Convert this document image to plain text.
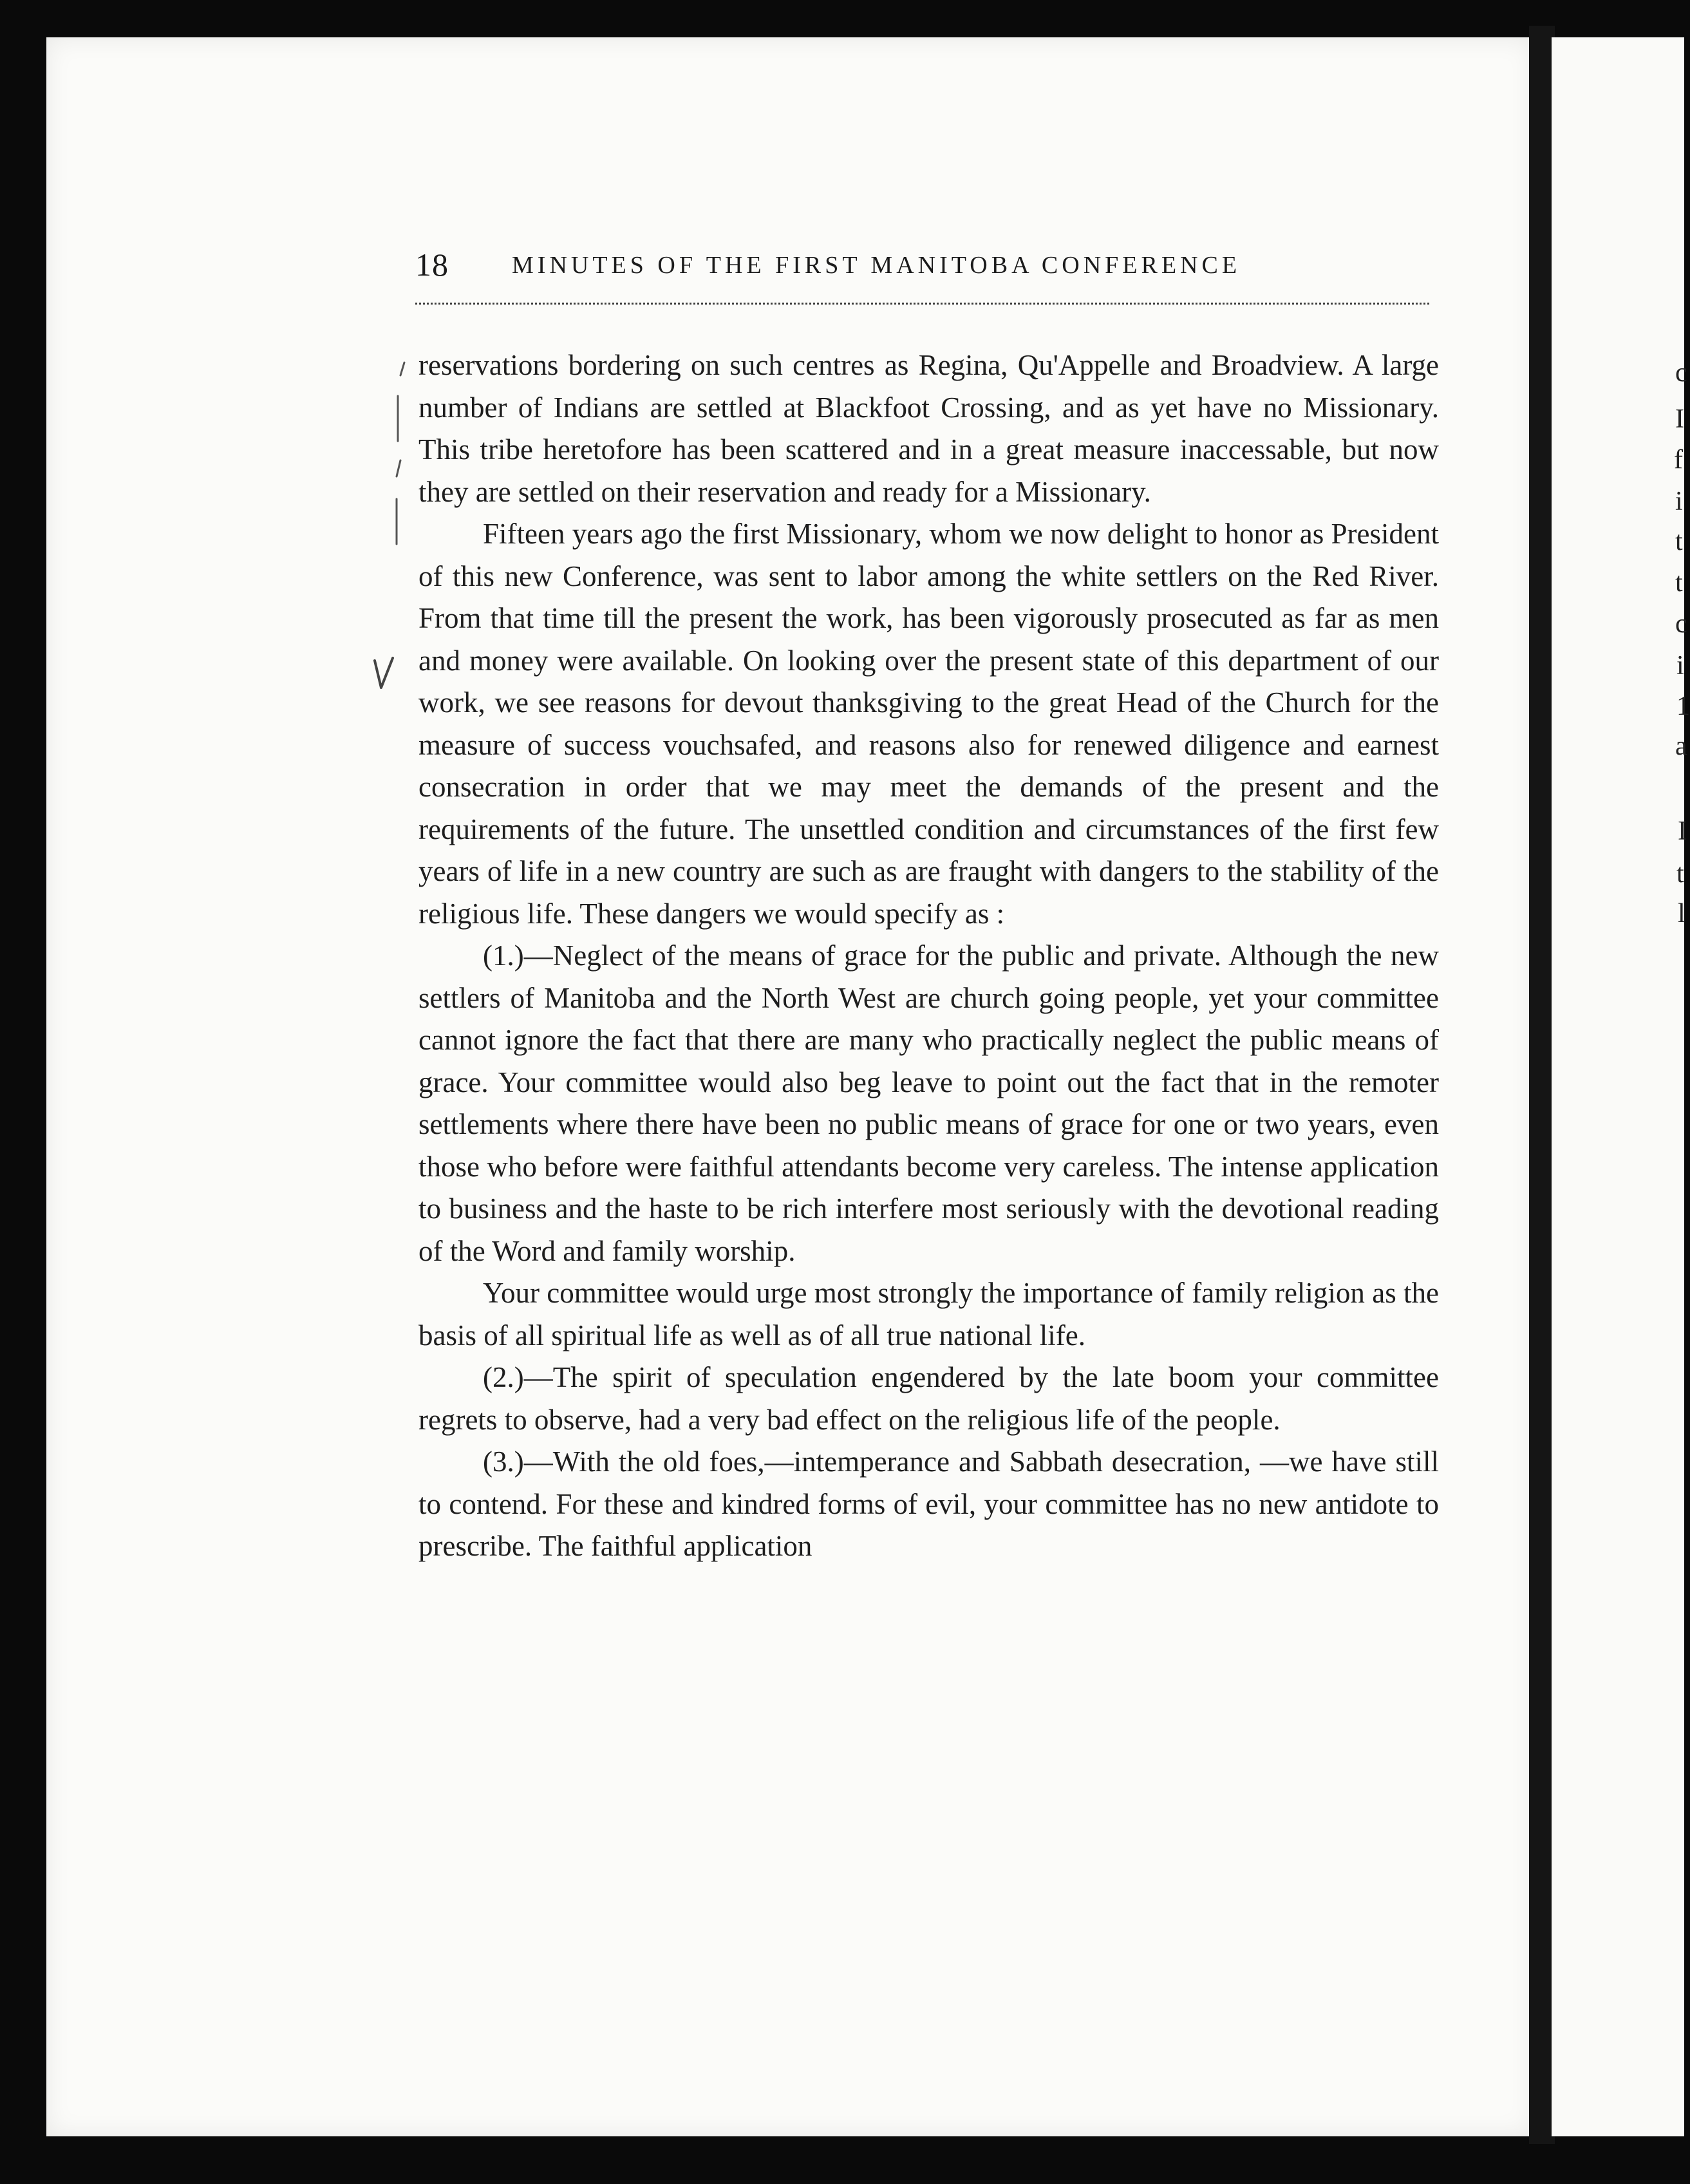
c
I
f
i
t
t
c
i
1
a
I
t
l
18	MINUTES OF THE FIRST MANITOBA CONFERENCE

reservations bordering on such centres as Regina, Qu'Appelle and Broadview. A large number of Indians are settled at Blackfoot Crossing, and as yet have no Missionary. This tribe heretofore has been scattered and in a great measure inaccessable, but now they are settled on their reservation and ready for a Missionary.

Fifteen years ago the first Missionary, whom we now delight to honor as President of this new Conference, was sent to labor among the white settlers on the Red River. From that time till the present the work, has been vigorously prosecuted as far as men and money were available. On looking over the present state of this department of our work, we see reasons for devout thanksgiving to the great Head of the Church for the measure of success vouchsafed, and reasons also for renewed diligence and earnest consecration in order that we may meet the demands of the present and the requirements of the future. The unsettled condition and circumstances of the first few years of life in a new country are such as are fraught with dangers to the stability of the religious life. These dangers we would specify as :

(1.)—Neglect of the means of grace for the public and private. Although the new settlers of Manitoba and the North West are church going people, yet your committee cannot ignore the fact that there are many who practically neglect the public means of grace. Your committee would also beg leave to point out the fact that in the remoter settlements where there have been no public means of grace for one or two years, even those who before were faithful attendants become very careless. The intense application to business and the haste to be rich interfere most seriously with the devotional reading of the Word and family worship.

Your committee would urge most strongly the importance of family religion as the basis of all spiritual life as well as of all true national life.

(2.)—The spirit of speculation engendered by the late boom your committee regrets to observe, had a very bad effect on the religious life of the people.

(3.)—With the old foes,—intemperance and Sabbath desecration, —we have still to contend. For these and kindred forms of evil, your committee has no new antidote to prescribe. The faithful application
